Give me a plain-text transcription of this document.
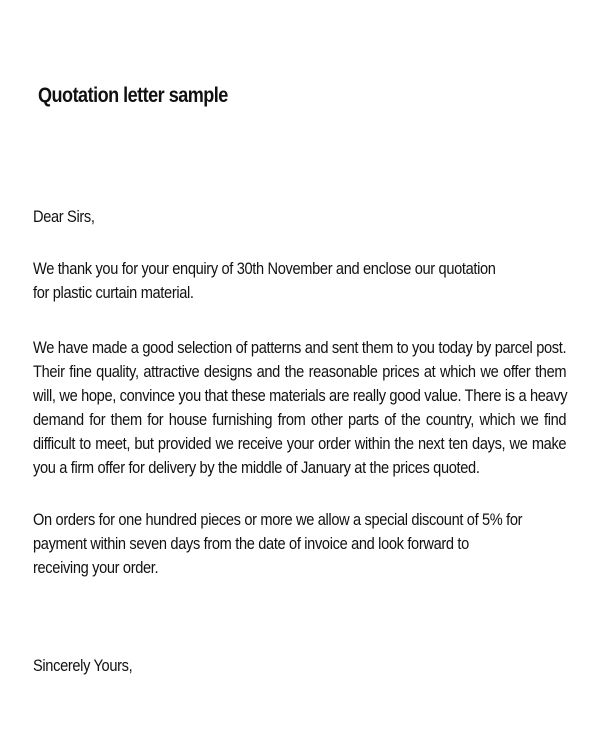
Quotation letter sample
Dear Sirs,
We thank you for your enquiry of 30th November and enclose our quotation
for plastic curtain material.
We have made a good selection of patterns and sent them to you today by parcel post.
Their fine quality, attractive designs and the reasonable prices at which we offer them
will, we hope, convince you that these materials are really good value. There is a heavy
demand for them for house furnishing from other parts of the country, which we find
difficult to meet, but provided we receive your order within the next ten days, we make
you a firm offer for delivery by the middle of January at the prices quoted.
On orders for one hundred pieces or more we allow a special discount of 5% for
payment within seven days from the date of invoice and look forward to
receiving your order.
Sincerely Yours,
